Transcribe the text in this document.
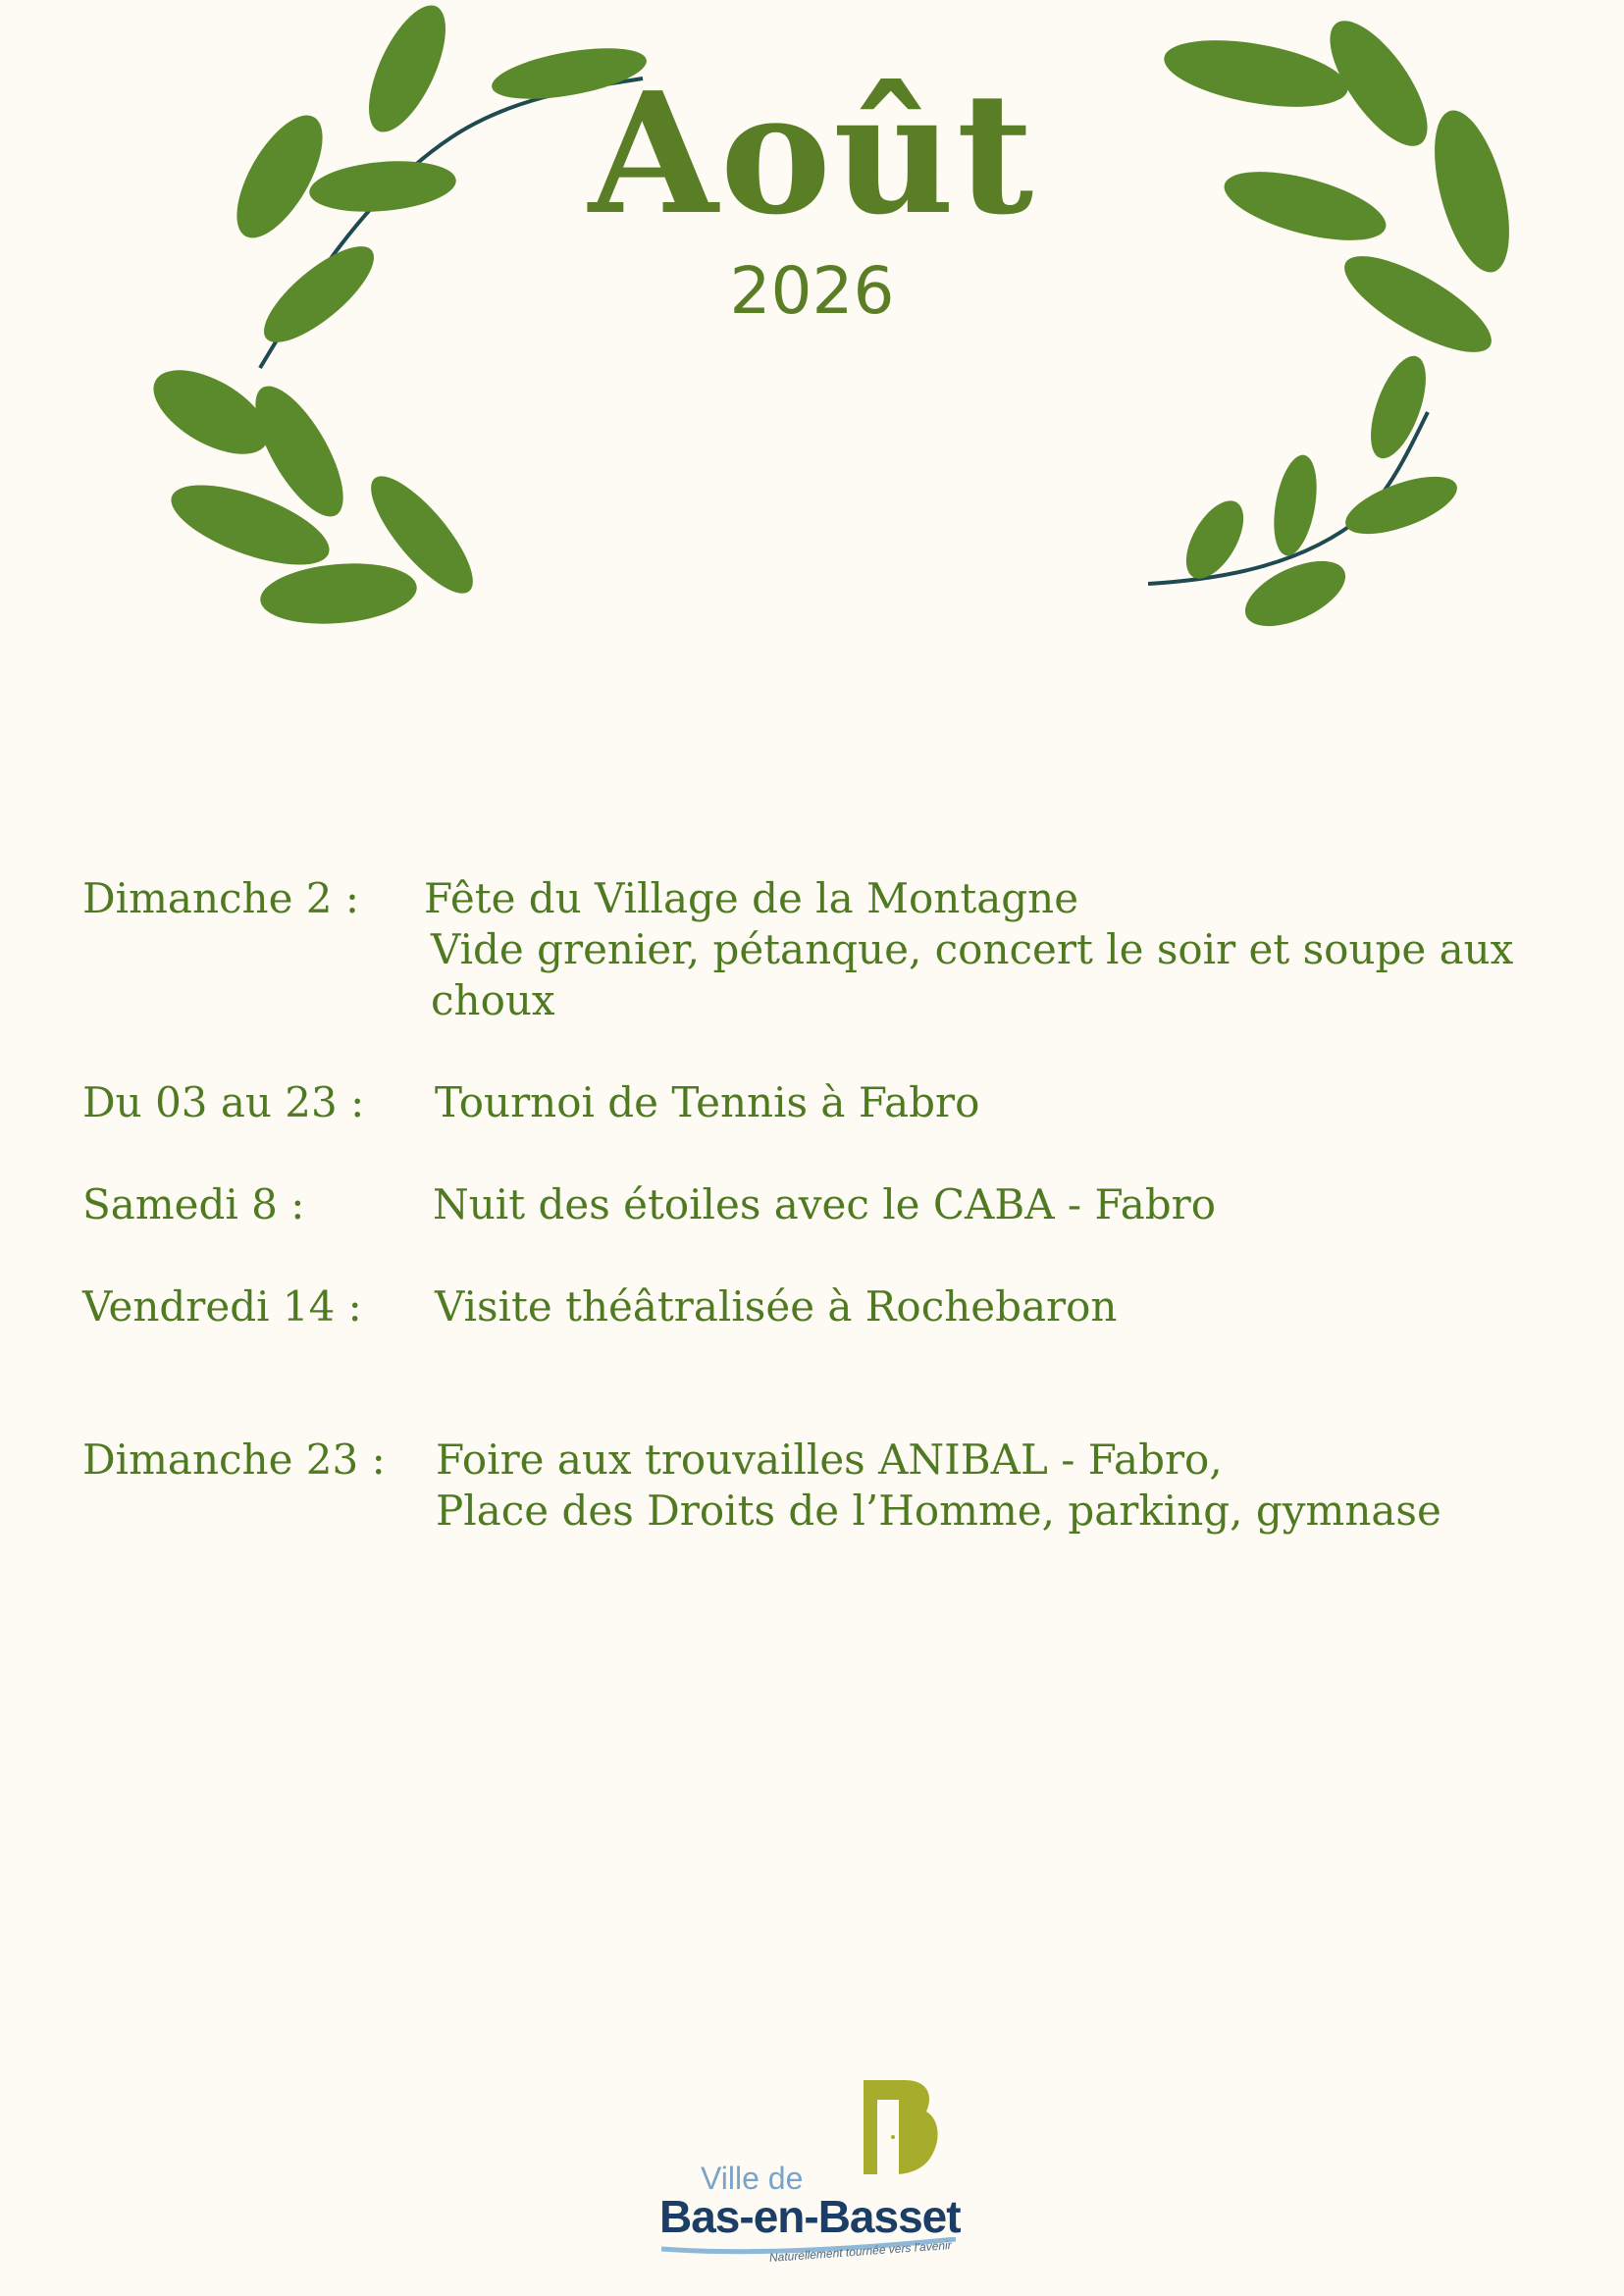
Août
2026
Dimanche 2 : Fête du Village de la Montagne
Vide grenier, pétanque, concert le soir et soupe aux
choux
Du 03 au 23 : Tournoi de Tennis à Fabro
Samedi 8 :	Nuit des étoiles avec le CABA - Fabro
Vendredi 14 : Visite théâtralisée à Rochebaron
Dimanche 23 : Foire aux trouvailles ANIBAL - Fabro,
Place des Droits de l’Homme, parking, gymnase
Ville de
Bas-en-Basset
Naturellement tournée vers l’avenir
